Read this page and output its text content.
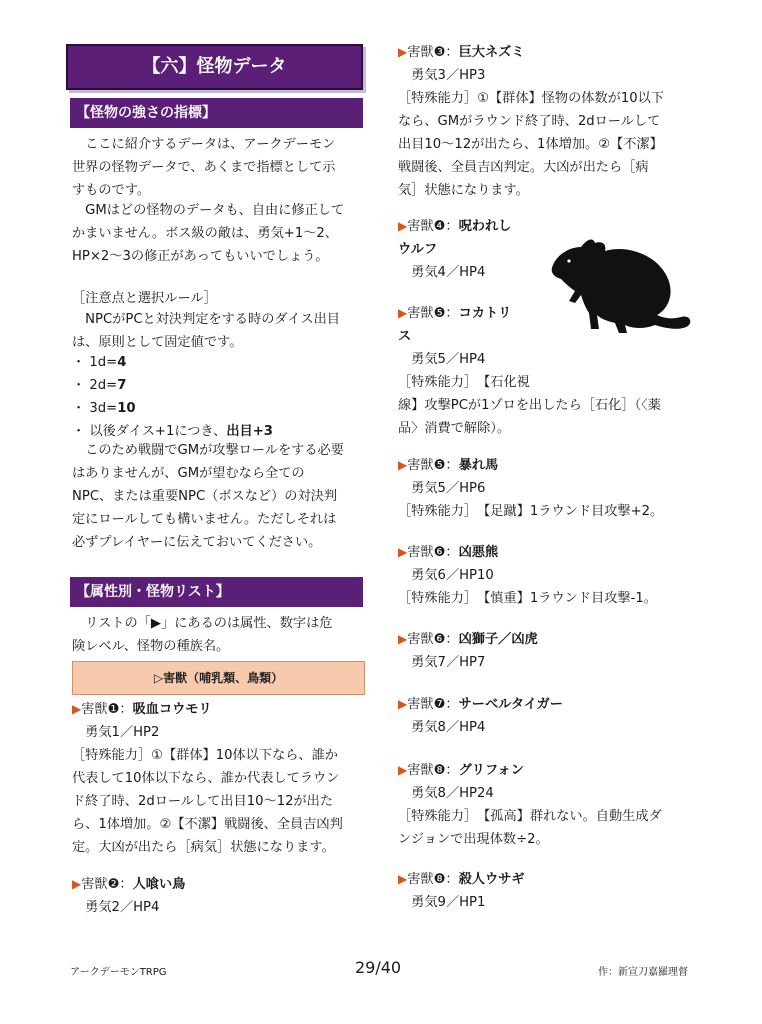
【六】怪物データ
【怪物の強さの指標】
　ここに紹介するデータは、アークデーモン
世界の怪物データで、あくまで指標として示
すものです。
　GMはどの怪物のデータも、自由に修正して
かまいません。ボス級の敵は、勇気+1〜2、
HP×2〜3の修正があってもいいでしょう。
［注意点と選択ルール］
　NPCがPCと対決判定をする時のダイス出目
は、原則として固定値です。
・ 1d=4
・ 2d=7
・ 3d=10
・ 以後ダイス+1につき、出目+3
　このため戦闘でGMが攻撃ロールをする必要
はありませんが、GMが望むなら全ての
NPC、または重要NPC（ボスなど）の対決判
定にロールしても構いません。ただしそれは
必ずプレイヤーに伝えておいてください。
【属性別・怪物リスト】
　リストの「▶」にあるのは属性、数字は危
険レベル、怪物の種族名。
▷害獣（哺乳類、鳥類）
▶害獣❶：吸血コウモリ
　勇気1／HP2
［特殊能力］①【群体】10体以下なら、誰か
代表して10体以下なら、誰か代表してラウン
ド終了時、2dロールして出目10〜12が出た
ら、1体増加。②【不潔】戦闘後、全員吉凶判
定。大凶が出たら［病気］状態になります。
▶害獣❷：人喰い鳥
　勇気2／HP4
▶害獣❸：巨大ネズミ
　勇気3／HP3
［特殊能力］①【群体】怪物の体数が10以下
なら、GMがラウンド終了時、2dロールして
出目10〜12が出たら、1体増加。②【不潔】
戦闘後、全員吉凶判定。大凶が出たら［病
気］状態になります。
▶害獣❹：呪われし
ウルフ
　勇気4／HP4
▶害獣❺：コカトリ
ス
　勇気5／HP4
［特殊能力］　【石化視
線】攻撃PCが1ゾロを出したら［石化］（〈薬
品〉消費で解除）。
▶害獣❺：暴れ馬
　勇気5／HP6
［特殊能力］　【足蹴】1ラウンド目攻撃+2。
▶害獣❻：凶悪熊
　勇気6／HP10
［特殊能力］　【慎重】1ラウンド目攻撃-1。
▶害獣❻：凶獅子／凶虎
　勇気7／HP7
▶害獣❼：サーベルタイガー
　勇気8／HP4
▶害獣❽：グリフォン
　勇気8／HP24
［特殊能力］　【孤高】群れない。自動生成ダ
ンジョンで出現体数÷2。
▶害獣❽：殺人ウサギ
　勇気9／HP1
アークデーモンTRPG	29/40	作：新宣刀嘉羅理督
